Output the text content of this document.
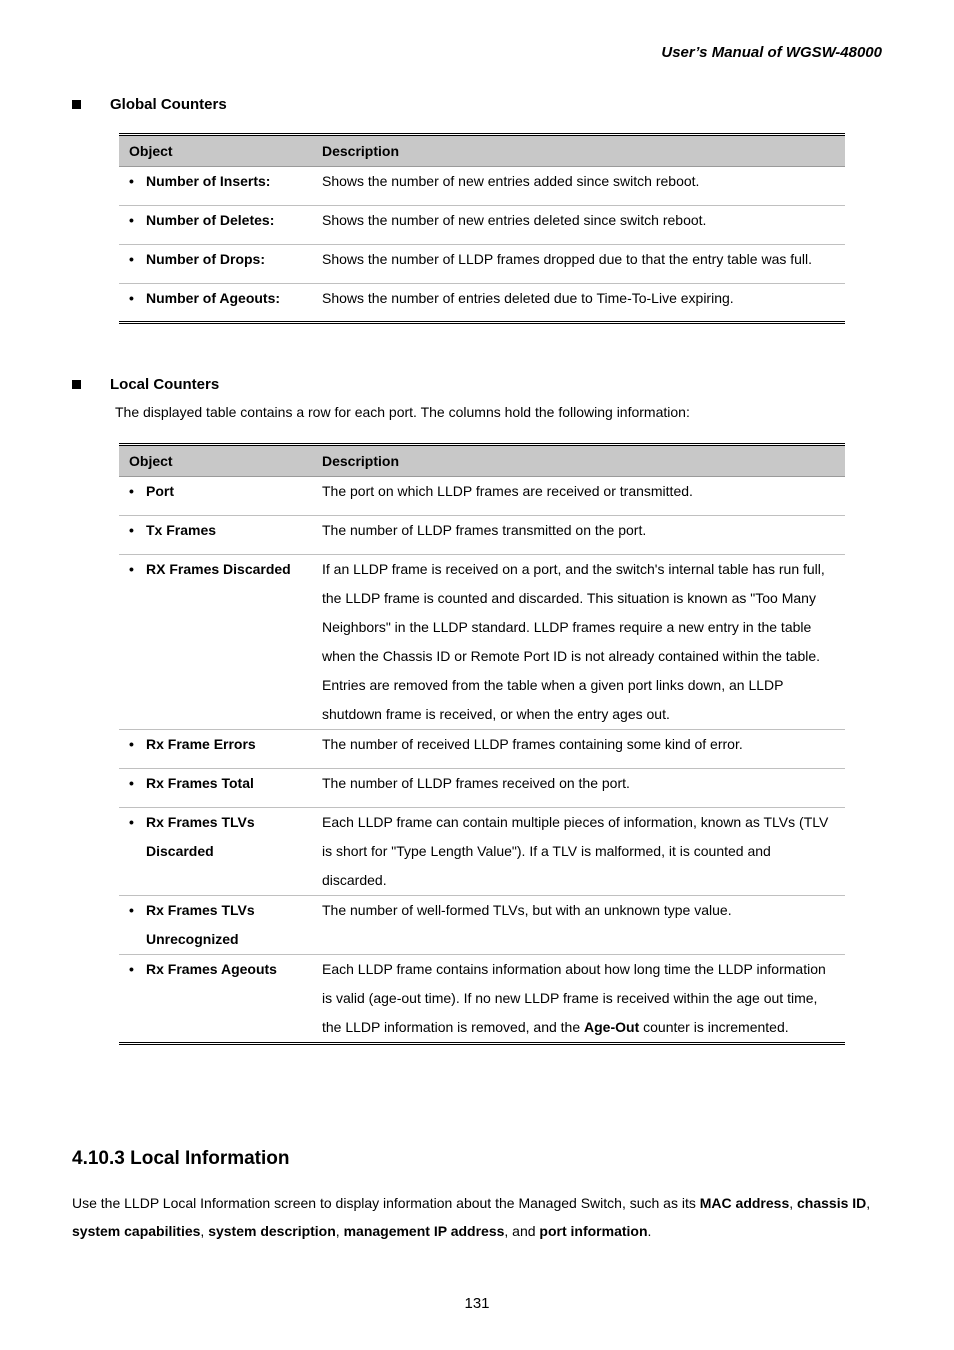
User’s Manual of WGSW-48000
Global Counters
Object	Description

• Number of Inserts:	Shows the number of new entries added since switch reboot.

• Number of Deletes:	Shows the number of new entries deleted since switch reboot.

• Number of Drops:	Shows the number of LLDP frames dropped due to that the entry table was full.

• Number of Ageouts:	Shows the number of entries deleted due to Time-To-Live expiring.
Local Counters
The displayed table contains a row for each port. The columns hold the following information:
Object	Description

• Port	The port on which LLDP frames are received or transmitted.

• Tx Frames	The number of LLDP frames transmitted on the port.

• RX Frames Discarded	If an LLDP frame is received on a port, and the switch's internal table has run full, the LLDP frame is counted and discarded. This situation is known as "Too Many Neighbors" in the LLDP standard. LLDP frames require a new entry in the table when the Chassis ID or Remote Port ID is not already contained within the table. Entries are removed from the table when a given port links down, an LLDP shutdown frame is received, or when the entry ages out.

• Rx Frame Errors	The number of received LLDP frames containing some kind of error.

• Rx Frames Total	The number of LLDP frames received on the port.

• Rx Frames TLVs Discarded	Each LLDP frame can contain multiple pieces of information, known as TLVs (TLV is short for "Type Length Value"). If a TLV is malformed, it is counted and discarded.

• Rx Frames TLVs Unrecognized	The number of well-formed TLVs, but with an unknown type value.

• Rx Frames Ageouts	Each LLDP frame contains information about how long time the LLDP information is valid (age-out time). If no new LLDP frame is received within the age out time, the LLDP information is removed, and the Age-Out counter is incremented.
4.10.3 Local Information
Use the LLDP Local Information screen to display information about the Managed Switch, such as its MAC address, chassis ID, system capabilities, system description, management IP address, and port information.
131
